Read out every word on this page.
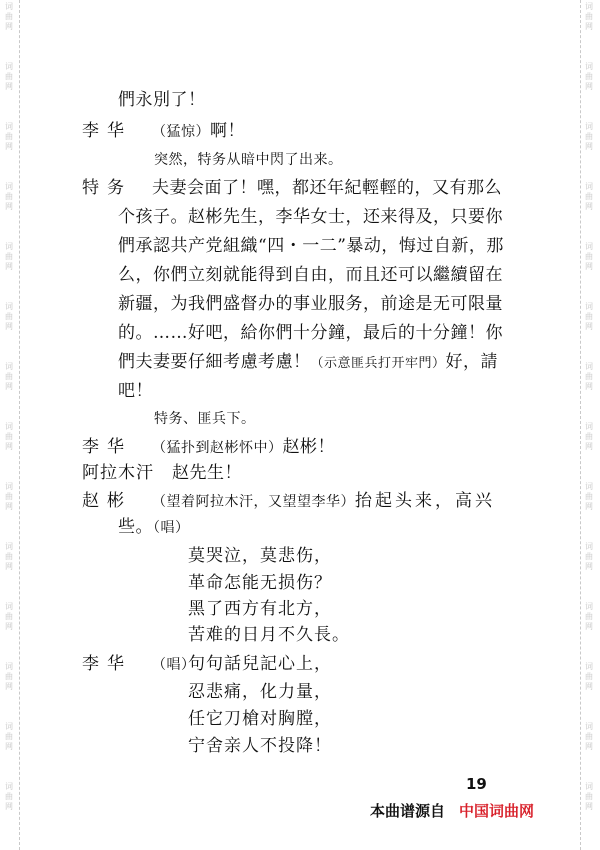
词曲网
词曲网
词曲网
词曲网
词曲网
词曲网
词曲网
词曲网
词曲网
词曲网
词曲网
词曲网
词曲网
词曲网
词曲网
词曲网
词曲网
词曲网
词曲网
词曲网
词曲网
词曲网
词曲网
词曲网
词曲网
词曲网
词曲网
词曲网
們永別了！
李华 （猛惊）啊！
突然，特务从暗中閃了出来。
特务 夫妻会面了！嘿，都还年紀輕輕的，又有那么
个孩子。赵彬先生，李华女士，还来得及，只要你
們承認共产党組織“四・一二”暴动，悔过自新，那
么，你們立刻就能得到自由，而且还可以繼續留在
新疆，为我們盛督办的事业服务，前途是无可限量
的。……好吧，給你們十分鐘，最后的十分鐘！你
們夫妻要仔細考慮考慮！（示意匪兵打开牢門）好，請
吧！
特务、匪兵下。
李华 （猛扑到赵彬怀中）赵彬！
阿拉木汗 赵先生！
赵彬 （望着阿拉木汗，又望望李华）抬起头来，高兴
些。（唱）
莫哭泣，莫悲伤，
革命怎能无损伤？
黑了西方有北方，
苦难的日月不久長。
李华 （唱）
句句話兒記心上，
忍悲痛，化力量，
任它刀槍对胸膛，
宁舍亲人不投降！
19
本曲谱源自 中国词曲网
